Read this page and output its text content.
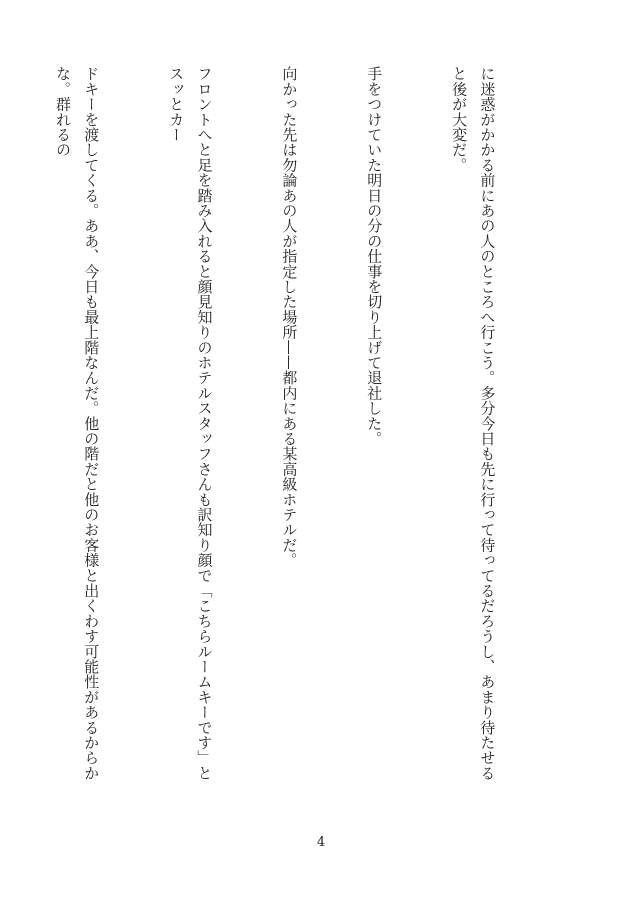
に迷惑がかかる前にあの人のところへ行こう。多分今日も先に行って待ってるだろうし、あまり待たせると後が大変だ。

手をつけていた明日の分の仕事を切り上げて退社した。

向かった先は勿論あの人が指定した場所——都内にある某高級ホテルだ。

フロントへと足を踏み入れると顔見知りのホテルスタッフさんも訳知り顔で「こちらルームキーです」とスッとカー

ドキーを渡してくる。ああ、今日も最上階なんだ。他の階だと他のお客様と出くわす可能性があるからかな。群れるの

4
